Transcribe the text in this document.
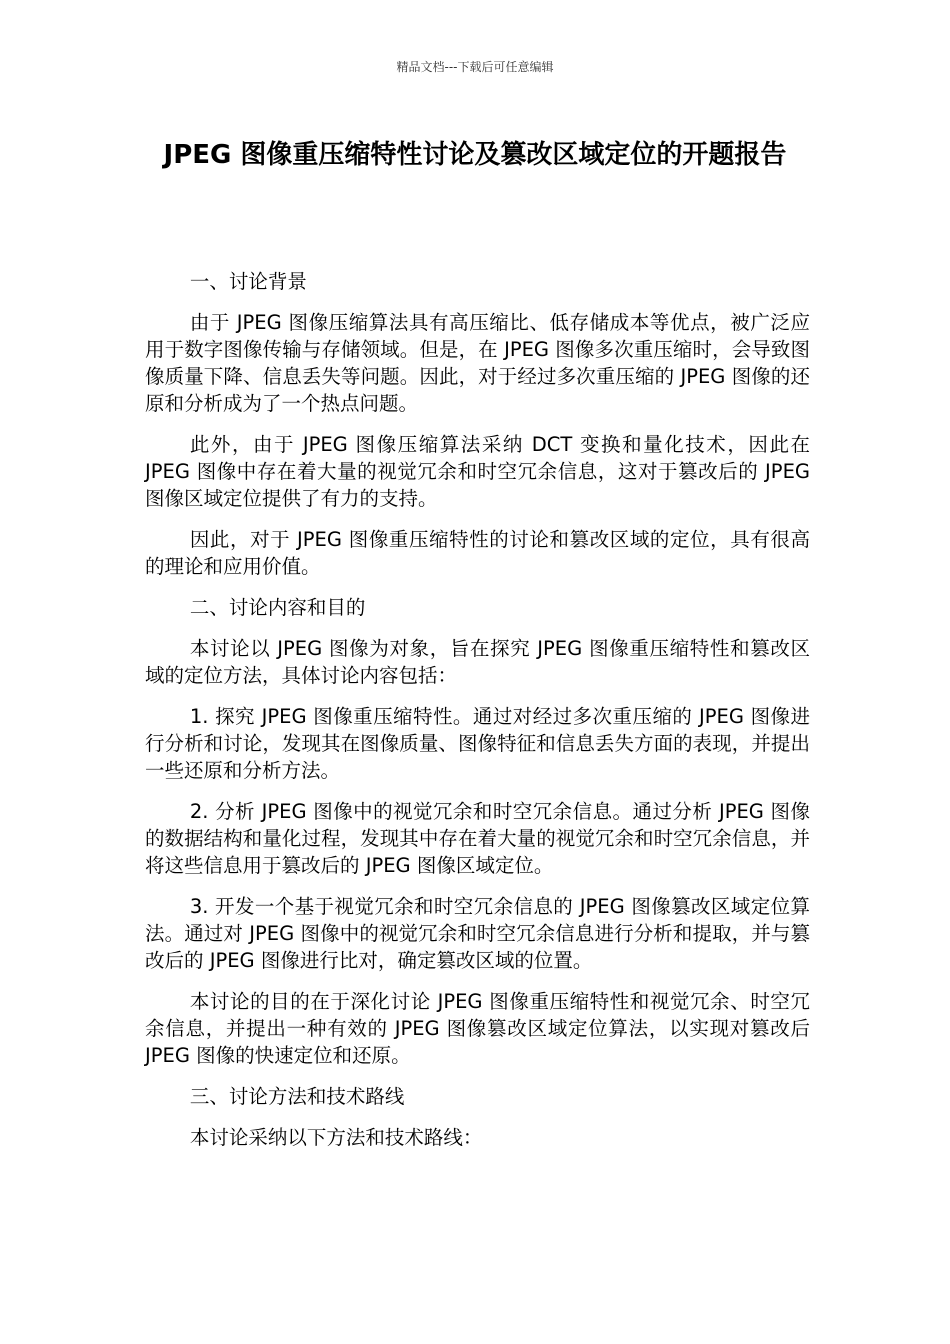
精品文档---下载后可任意编辑
JPEG 图像重压缩特性讨论及篡改区域定位的开题报告

一、讨论背景

由于 JPEG 图像压缩算法具有高压缩比、低存储成本等优点，被广泛应用于数字图像传输与存储领域。但是，在 JPEG 图像多次重压缩时，会导致图像质量下降、信息丢失等问题。因此，对于经过多次重压缩的 JPEG 图像的还原和分析成为了一个热点问题。

此外，由于 JPEG 图像压缩算法采纳 DCT 变换和量化技术，因此在 JPEG 图像中存在着大量的视觉冗余和时空冗余信息，这对于篡改后的 JPEG 图像区域定位提供了有力的支持。

因此，对于 JPEG 图像重压缩特性的讨论和篡改区域的定位，具有很高的理论和应用价值。

二、讨论内容和目的

本讨论以 JPEG 图像为对象，旨在探究 JPEG 图像重压缩特性和篡改区域的定位方法，具体讨论内容包括：

1. 探究 JPEG 图像重压缩特性。通过对经过多次重压缩的 JPEG 图像进行分析和讨论，发现其在图像质量、图像特征和信息丢失方面的表现，并提出一些还原和分析方法。

2. 分析 JPEG 图像中的视觉冗余和时空冗余信息。通过分析 JPEG 图像的数据结构和量化过程，发现其中存在着大量的视觉冗余和时空冗余信息，并将这些信息用于篡改后的 JPEG 图像区域定位。

3. 开发一个基于视觉冗余和时空冗余信息的 JPEG 图像篡改区域定位算法。通过对 JPEG 图像中的视觉冗余和时空冗余信息进行分析和提取，并与篡改后的 JPEG 图像进行比对，确定篡改区域的位置。

本讨论的目的在于深化讨论 JPEG 图像重压缩特性和视觉冗余、时空冗余信息，并提出一种有效的 JPEG 图像篡改区域定位算法，以实现对篡改后 JPEG 图像的快速定位和还原。

三、讨论方法和技术路线

本讨论采纳以下方法和技术路线：
